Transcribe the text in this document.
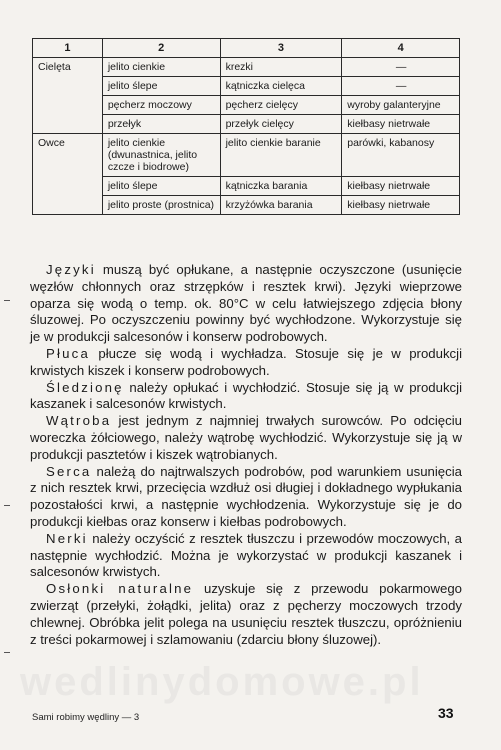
1	2	3	4
Cielęta	jelito cienkie	krezki	—
	jelito ślepe	kątniczka cielęca	—
	pęcherz moczowy	pęcherz cielęcy	wyroby galanteryjne
	przełyk	przełyk cielęcy	kiełbasy nietrwałe
Owce	jelito cienkie (dwunastnica, jelito czcze i biodrowe)	jelito cienkie baranie	parówki, kabanosy
	jelito ślepe	kątniczka barania	kiełbasy nietrwałe
	jelito proste (prostnica)	krzyżówka barania	kiełbasy nietrwałe

Języki muszą być opłukane, a następnie oczyszczone (usunięcie węzłów chłonnych oraz strzępków i resztek krwi). Języki wieprzowe oparza się wodą o temp. ok. 80°C w celu łatwiejszego zdjęcia błony śluzowej. Po oczyszczeniu powinny być wychłodzone. Wykorzystuje się je w produkcji salcesonów i konserw podrobowych.

Płuca płucze się wodą i wychładza. Stosuje się je w produkcji krwistych kiszek i konserw podrobowych.

Śledzionę należy opłukać i wychłodzić. Stosuje się ją w produkcji kaszanek i salcesonów krwistych.

Wątroba jest jednym z najmniej trwałych surowców. Po odcięciu woreczka żółciowego, należy wątrobę wychłodzić. Wykorzystuje się ją w produkcji pasztetów i kiszek wątrobianych.

Serca należą do najtrwalszych podrobów, pod warunkiem usunięcia z nich resztek krwi, przecięcia wzdłuż osi długiej i dokładnego wypłukania pozostałości krwi, a następnie wychłodzenia. Wykorzystuje się je do produkcji kiełbas oraz konserw i kiełbas podrobowych.

Nerki należy oczyścić z resztek tłuszczu i przewodów moczowych, a następnie wychłodzić. Można je wykorzystać w produkcji kaszanek i salcesonów krwistych.

Osłonki naturalne uzyskuje się z przewodu pokarmowego zwierząt (przełyki, żołądki, jelita) oraz z pęcherzy moczowych trzody chlewnej. Obróbka jelit polega na usunięciu resztek tłuszczu, opróżnieniu z treści pokarmowej i szlamowaniu (zdarciu błony śluzowej).

wedlinydomowe.pl
Sami robimy wędliny — 3	33
